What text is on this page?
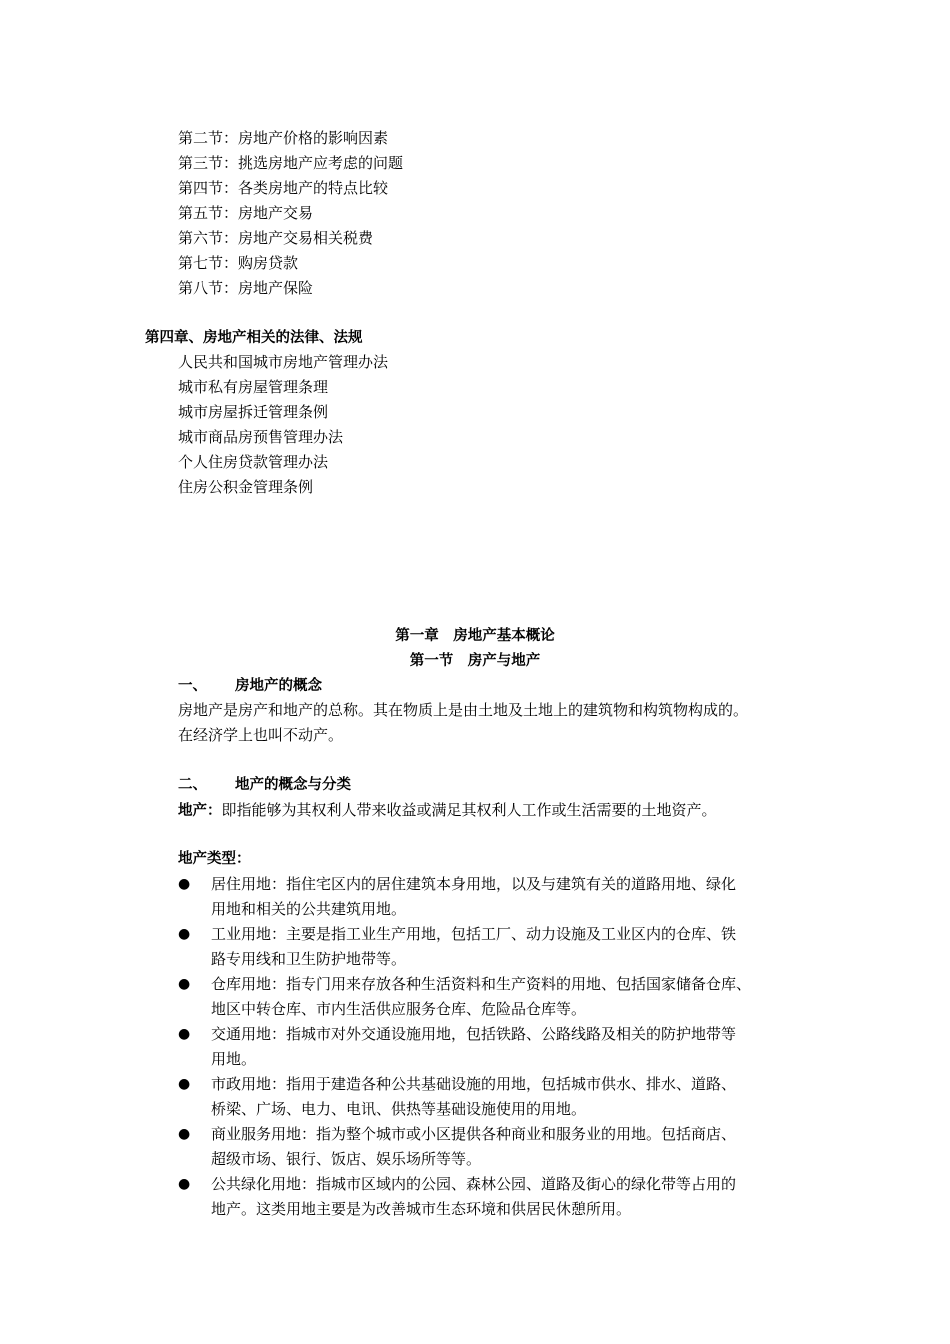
第二节：房地产价格的影响因素
第三节：挑选房地产应考虑的问题
第四节：各类房地产的特点比较
第五节：房地产交易
第六节：房地产交易相关税费
第七节：购房贷款
第八节：房地产保险
第四章、房地产相关的法律、法规
人民共和国城市房地产管理办法
城市私有房屋管理条理
城市房屋拆迁管理条例
城市商品房预售管理办法
个人住房贷款管理办法
住房公积金管理条例
第一章　房地产基本概论
第一节　房产与地产
一、 房地产的概念
房地产是房产和地产的总称。其在物质上是由土地及土地上的建筑物和构筑物构成的。
在经济学上也叫不动产。
二、 地产的概念与分类
地产：即指能够为其权利人带来收益或满足其权利人工作或生活需要的土地资产。
地产类型：
● 居住用地：指住宅区内的居住建筑本身用地，以及与建筑有关的道路用地、绿化
用地和相关的公共建筑用地。
● 工业用地：主要是指工业生产用地，包括工厂、动力设施及工业区内的仓库、铁
路专用线和卫生防护地带等。
● 仓库用地：指专门用来存放各种生活资料和生产资料的用地、包括国家储备仓库、
地区中转仓库、市内生活供应服务仓库、危险品仓库等。
● 交通用地：指城市对外交通设施用地，包括铁路、公路线路及相关的防护地带等
用地。
● 市政用地：指用于建造各种公共基础设施的用地，包括城市供水、排水、道路、
桥梁、广场、电力、电讯、供热等基础设施使用的用地。
● 商业服务用地：指为整个城市或小区提供各种商业和服务业的用地。包括商店、
超级市场、银行、饭店、娱乐场所等等。
● 公共绿化用地：指城市区域内的公园、森林公园、道路及街心的绿化带等占用的
地产。这类用地主要是为改善城市生态环境和供居民休憩所用。
